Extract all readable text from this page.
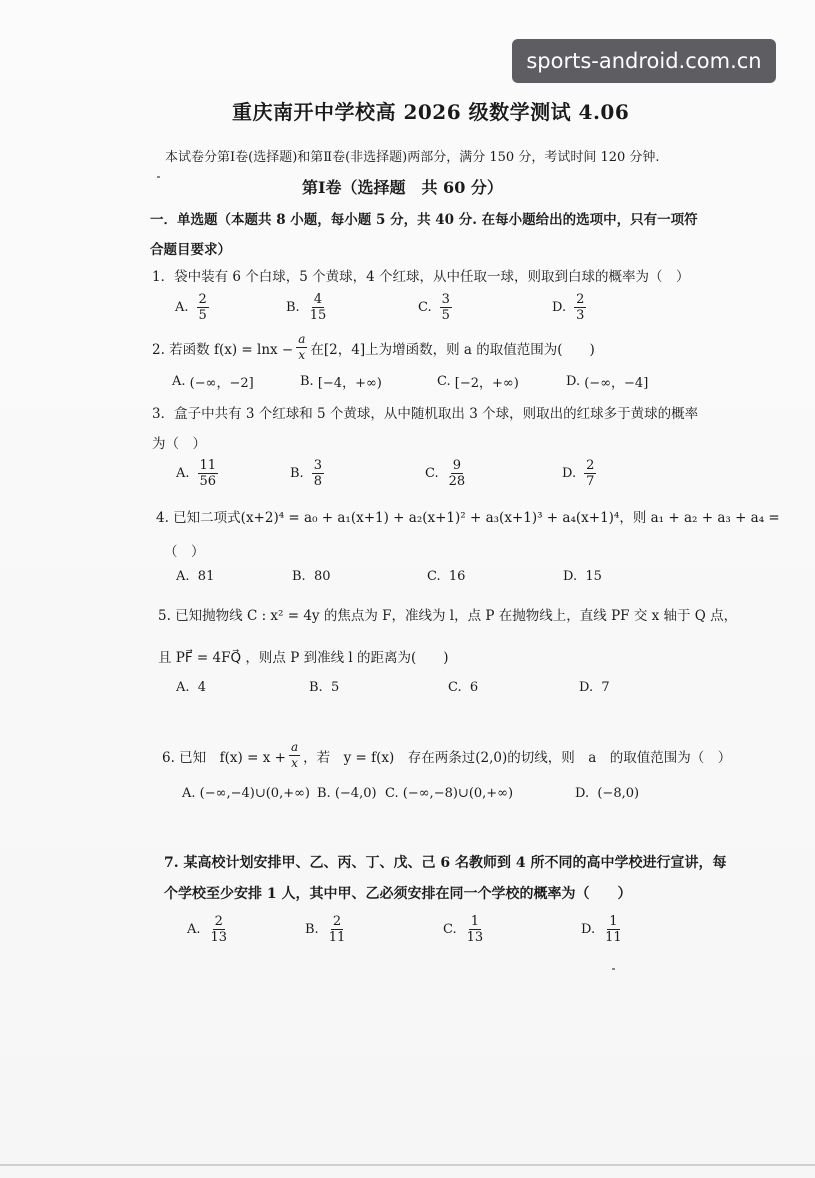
sports-android.com.cn
重庆南开中学校高 2026 级数学测试 4.06
本试卷分第Ⅰ卷(选择题)和第Ⅱ卷(非选择题)两部分，满分 150 分，考试时间 120 分钟.
第Ⅰ卷（选择题　共 60 分）
一．单选题（本题共 8 小题，每小题 5 分，共 40 分. 在每小题给出的选项中，只有一项符
合题目要求）
1．袋中装有 6 个白球，5 个黄球，4 个红球，从中任取一球，则取到白球的概率为（　）
A. $\frac{2}{5}$	B. $\frac{4}{15}$	C. $\frac{3}{5}$	D. $\frac{2}{3}$
2. 若函数 $f(x) = \ln x - \frac{a}{x}$ 在[2，4]上为增函数，则 a 的取值范围为(　　)
A.
(−∞，−2]	B.
[−4，+∞)	C.
[−2，+∞)	D.
(−∞，−4]
3．盒子中共有 3 个红球和 5 个黄球，从中随机取出 3 个球，则取出的红球多于黄球的概率
为（　）
A. $\frac{11}{56}$	B. $\frac{3}{8}$	C. $\frac{9}{28}$	D. $\frac{2}{7}$
4. 已知二项式(x+2)⁴ = a₀ + a₁(x+1) + a₂(x+1)² + a₃(x+1)³ + a₄(x+1)⁴，则 a₁ + a₂ + a₃ + a₄ =
（　）
A.
81	B.
80	C.
16	D.
15
5. 已知抛物线 C : x² = 4y 的焦点为 F，准线为 l，点 P 在抛物线上，直线 PF 交 x 轴于 Q 点，
且 PF⃗ = 4FQ⃗ ，则点 P 到准线 l 的距离为(　　)
A.
4	B.
5	C.
6	D.
7
6. 已知　$f(x) = x + \frac{a}{x}$ ，若　y = f(x)　存在两条过(2,0)的切线，则　a　的取值范围为（　）
A.
(−∞,−4)∪(0,+∞) B.
(−4,0) C.
(−∞,−8)∪(0,+∞)	D.
(−8,0)
7. 某高校计划安排甲、乙、丙、丁、戊、己 6 名教师到 4 所不同的高中学校进行宣讲，每
个学校至少安排 1 人，其中甲、乙必须安排在同一个学校的概率为（　　）
A. $\frac{2}{13}$	B. $\frac{2}{11}$	C. $\frac{1}{13}$	D. $\frac{1}{11}$
